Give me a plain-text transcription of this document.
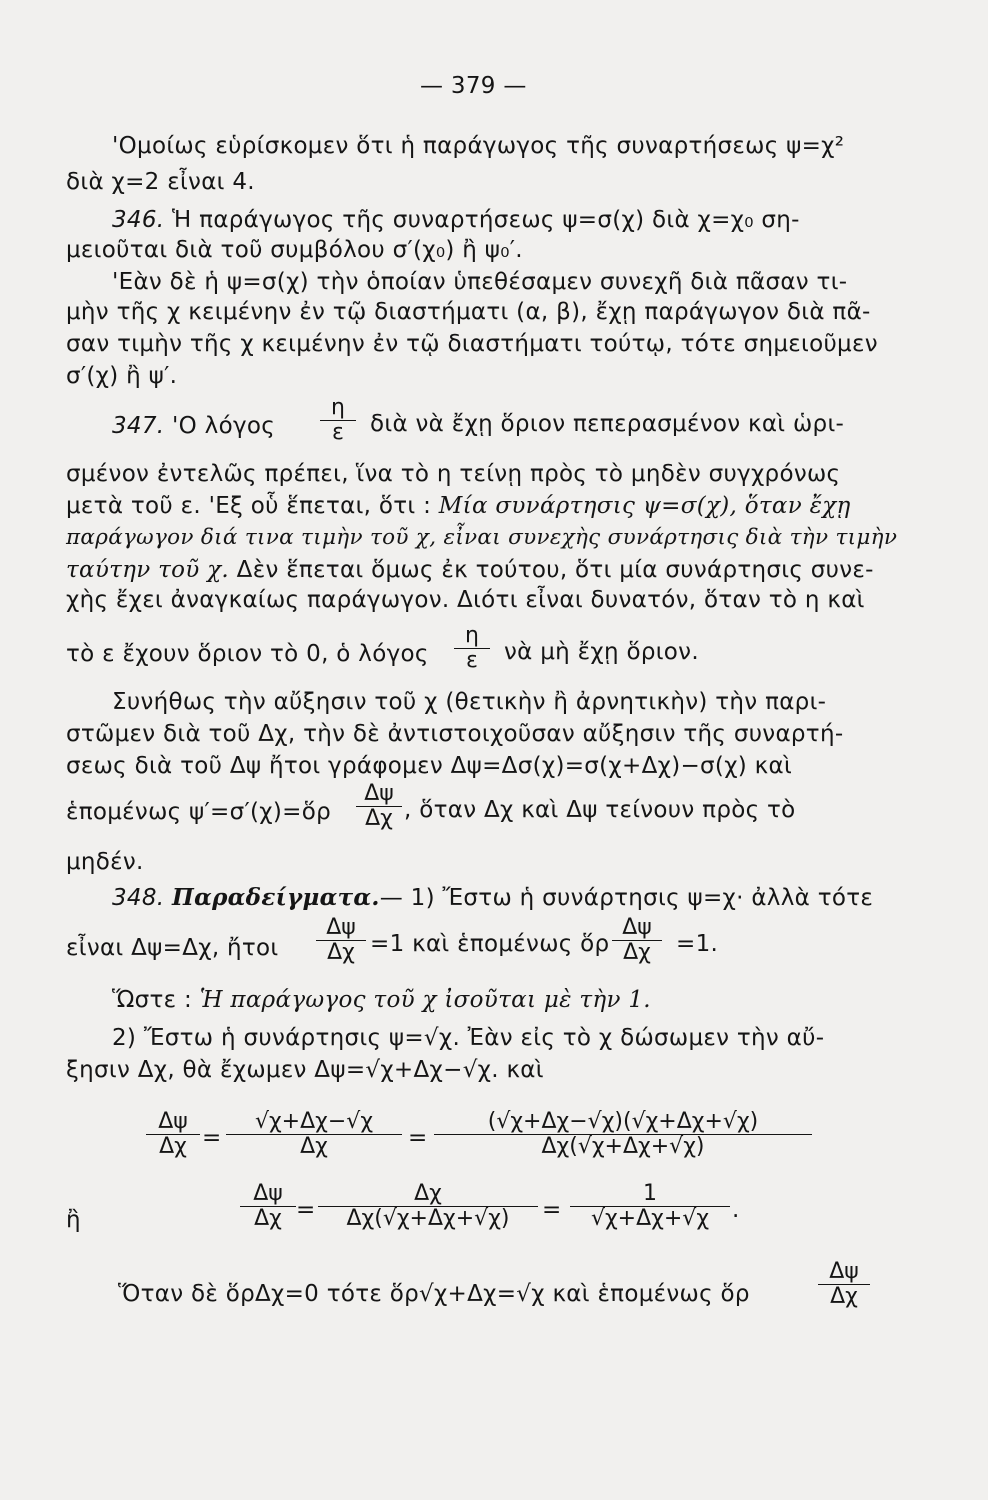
— 379 —
'Ομοίως εὑρίσκομεν ὅτι ἡ παράγωγος τῆς συναρτήσεως ψ=χ²
διὰ χ=2 εἶναι 4.
346. Ἡ παράγωγος τῆς συναρτήσεως ψ=σ(χ) διὰ χ=χ₀ ση-
μειοῦται διὰ τοῦ συμβόλου σ′(χ₀) ἢ ψ₀′.
'Εὰν δὲ ἡ ψ=σ(χ) τὴν ὁποίαν ὑπεθέσαμεν συνεχῆ διὰ πᾶσαν τι-
μὴν τῆς χ κειμένην ἐν τῷ διαστήματι (α, β), ἔχῃ παράγωγον διὰ πᾶ-
σαν τιμὴν τῆς χ κειμένην ἐν τῷ διαστήματι τούτῳ, τότε σημειοῦμεν
σ′(χ) ἢ ψ′.
347. 'Ο λόγος $\frac{\eta}{\varepsilon}$ διὰ νὰ ἔχῃ ὅριον πεπερασμένον καὶ ὡρι-
σμένον ἐντελῶς πρέπει, ἵνα τὸ η τείνῃ πρὸς τὸ μηδὲν συγχρόνως
μετὰ τοῦ ε. 'Εξ οὗ ἕπεται, ὅτι : Μία συνάρτησις ψ=σ(χ), ὅταν ἔχῃ
παράγωγον διά τινα τιμὴν τοῦ χ, εἶναι συνεχὴς συνάρτησις διὰ τὴν τιμὴν
ταύτην τοῦ χ. Δὲν ἕπεται ὅμως ἐκ τούτου, ὅτι μία συνάρτησις συνε-
χὴς ἔχει ἀναγκαίως παράγωγον. Διότι εἶναι δυνατόν, ὅταν τὸ η καὶ
τὸ ε ἔχουν ὅριον τὸ 0, ὁ λόγος $\frac{\eta}{\varepsilon}$ νὰ μὴ ἔχῃ ὅριον.
Συνήθως τὴν αὔξησιν τοῦ χ (θετικὴν ἢ ἀρνητικὴν) τὴν παρι-
στῶμεν διὰ τοῦ Δχ, τὴν δὲ ἀντιστοιχοῦσαν αὔξησιν τῆς συναρτή-
σεως διὰ τοῦ Δψ ἤτοι γράφομεν Δψ=Δσ(χ)=σ(χ+Δχ)−σ(χ) καὶ
ἑπομένως ψ′=σ′(χ)=ὅρ $\frac{\Delta\psi}{\Delta\chi}$ , ὅταν Δχ καὶ Δψ τείνουν πρὸς τὸ
μηδέν.
348. Παραδείγματα.— 1) Ἔστω ἡ συνάρτησις ψ=χ· ἀλλὰ τότε
εἶναι Δψ=Δχ, ἤτοι $\frac{\Delta\psi}{\Delta\chi} =1$ καὶ ἑπομένως ὅρ $\frac{\Delta\psi}{\Delta\chi} =1$.
Ὥστε : Ἡ παράγωγος τοῦ χ ἰσοῦται μὲ τὴν 1.
2) Ἔστω ἡ συνάρτησις ψ=√χ. Ἐὰν εἰς τὸ χ δώσωμεν τὴν αὔ-
ξησιν Δχ, θὰ ἔχωμεν Δψ=√χ+Δχ−√χ. καὶ
$\frac{\Delta\psi}{\Delta\chi} = \frac{√\chi+\Delta\chi-√\chi}{\Delta\chi} = \frac{(√\chi+\Delta\chi-√\chi)(√\chi+\Delta\chi+√\chi)}{\Delta\chi(√\chi+\Delta\chi+√\chi)}$
ἢ	$\frac{\Delta\psi}{\Delta\chi} = \frac{\Delta\chi}{\Delta\chi(√\chi+\Delta\chi+√\chi)} = \frac{1}{√\chi+\Delta\chi+√\chi}$ .
Ὅταν δὲ ὅρΔχ=0 τότε ὅρ√χ+Δχ=√χ καὶ ἑπομένως ὅρ	$\frac{\Delta\psi}{\Delta\chi}$
